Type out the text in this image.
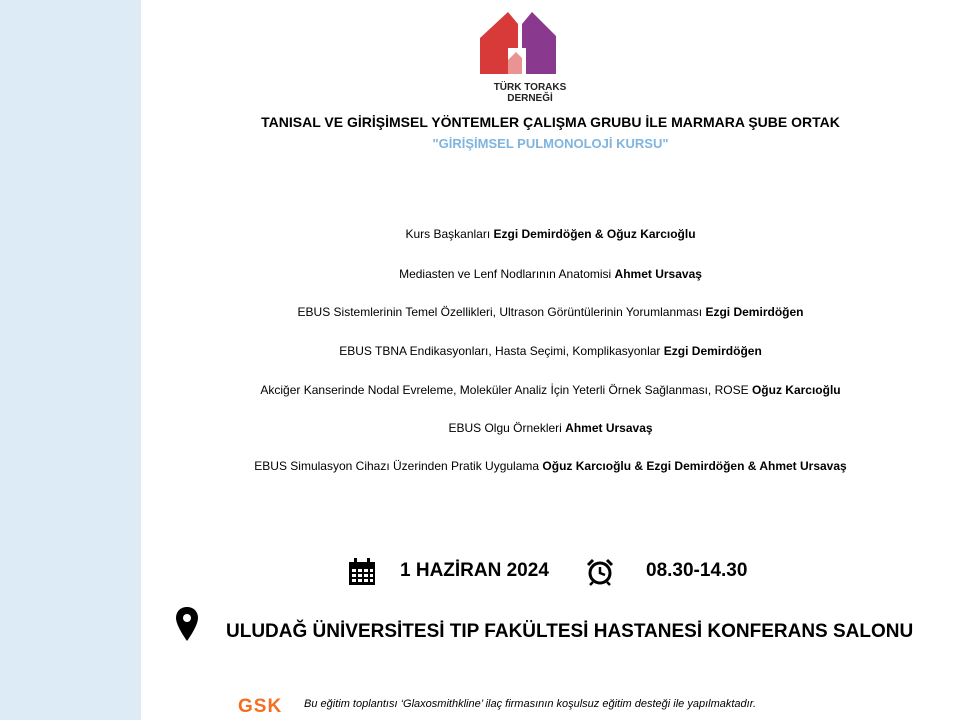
TÜRK TORAKS DERNEĞİ
TANISAL VE GİRİŞİMSEL YÖNTEMLER ÇALIŞMA GRUBU İLE MARMARA ŞUBE ORTAK
"GİRİŞİMSEL PULMONOLOJİ KURSU"
Kurs Başkanları Ezgi Demirdöğen & Oğuz Karcıoğlu
Mediasten ve Lenf Nodlarının Anatomisi Ahmet Ursavaş
EBUS Sistemlerinin Temel Özellikleri, Ultrason Görüntülerinin Yorumlanması Ezgi Demirdöğen
EBUS TBNA Endikasyonları, Hasta Seçimi, Komplikasyonlar Ezgi Demirdöğen
Akciğer Kanserinde Nodal Evreleme, Moleküler Analiz İçin Yeterli Örnek Sağlanması, ROSE Oğuz Karcıoğlu
EBUS Olgu Örnekleri Ahmet Ursavaş
EBUS Simulasyon Cihazı Üzerinden Pratik Uygulama Oğuz Karcıoğlu & Ezgi Demirdöğen & Ahmet Ursavaş
1 HAZİRAN 2024	08.30-14.30
ULUDAĞ ÜNİVERSİTESİ TIP FAKÜLTESİ HASTANESİ KONFERANS SALONU
GSK Bu eğitim toplantısı ‘Glaxosmithkline’ ilaç firmasının koşulsuz eğitim desteği ile yapılmaktadır.
